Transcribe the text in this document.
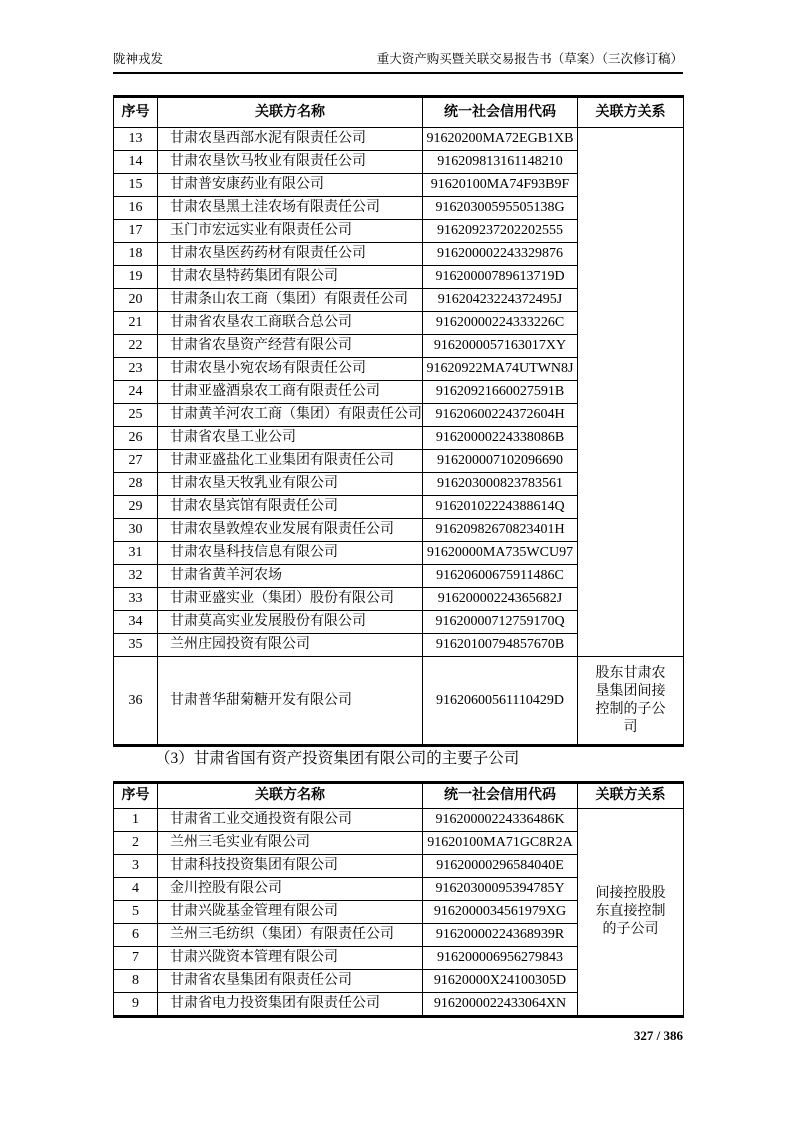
陇神戎发	重大资产购买暨关联交易报告书（草案）（三次修订稿）
序号	关联方名称	统一社会信用代码	关联方关系
13	甘肃农垦西部水泥有限责任公司	91620200MA72EGB1XB	
14	甘肃农垦饮马牧业有限责任公司	916209813161148210	
15	甘肃普安康药业有限公司	91620100MA74F93B9F	
16	甘肃农垦黑土洼农场有限责任公司	91620300595505138G	
17	玉门市宏远实业有限责任公司	916209237202202555	
18	甘肃农垦医药药材有限责任公司	916200002243329876	
19	甘肃农垦特药集团有限公司	91620000789613719D	
20	甘肃条山农工商（集团）有限责任公司	91620423224372495J	
21	甘肃省农垦农工商联合总公司	91620000224333226C	
22	甘肃省农垦资产经营有限公司	9162000057163017XY	
23	甘肃农垦小宛农场有限责任公司	91620922MA74UTWN8J	
24	甘肃亚盛酒泉农工商有限责任公司	91620921660027591B	
25	甘肃黄羊河农工商（集团）有限责任公司	91620600224372604H	
26	甘肃省农垦工业公司	91620000224338086B	
27	甘肃亚盛盐化工业集团有限责任公司	916200007102096690	
28	甘肃农垦天牧乳业有限公司	916203000823783561	
29	甘肃农垦宾馆有限责任公司	91620102224388614Q	
30	甘肃农垦敦煌农业发展有限责任公司	91620982670823401H	
31	甘肃农垦科技信息有限公司	91620000MA735WCU97	
32	甘肃省黄羊河农场	91620600675911486C	
33	甘肃亚盛实业（集团）股份有限公司	91620000224365682J	
34	甘肃莫高实业发展股份有限公司	91620000712759170Q	
35	兰州庄园投资有限公司	91620100794857670B	
36	甘肃普华甜菊糖开发有限公司	91620600561110429D	股东甘肃农垦集团间接控制的子公司
（3）甘肃省国有资产投资集团有限公司的主要子公司
序号	关联方名称	统一社会信用代码	关联方关系
1	甘肃省工业交通投资有限公司	91620000224336486K	间接控股股东直接控制的子公司
2	兰州三毛实业有限公司	91620100MA71GC8R2A	
3	甘肃科技投资集团有限公司	91620000296584040E	
4	金川控股有限公司	91620300095394785Y	
5	甘肃兴陇基金管理有限公司	9162000034561979XG	
6	兰州三毛纺织（集团）有限责任公司	91620000224368939R	
7	甘肃兴陇资本管理有限公司	916200006956279843	
8	甘肃省农垦集团有限责任公司	91620000X24100305D	
9	甘肃省电力投资集团有限责任公司	9162000022433064XN	
327 / 386
